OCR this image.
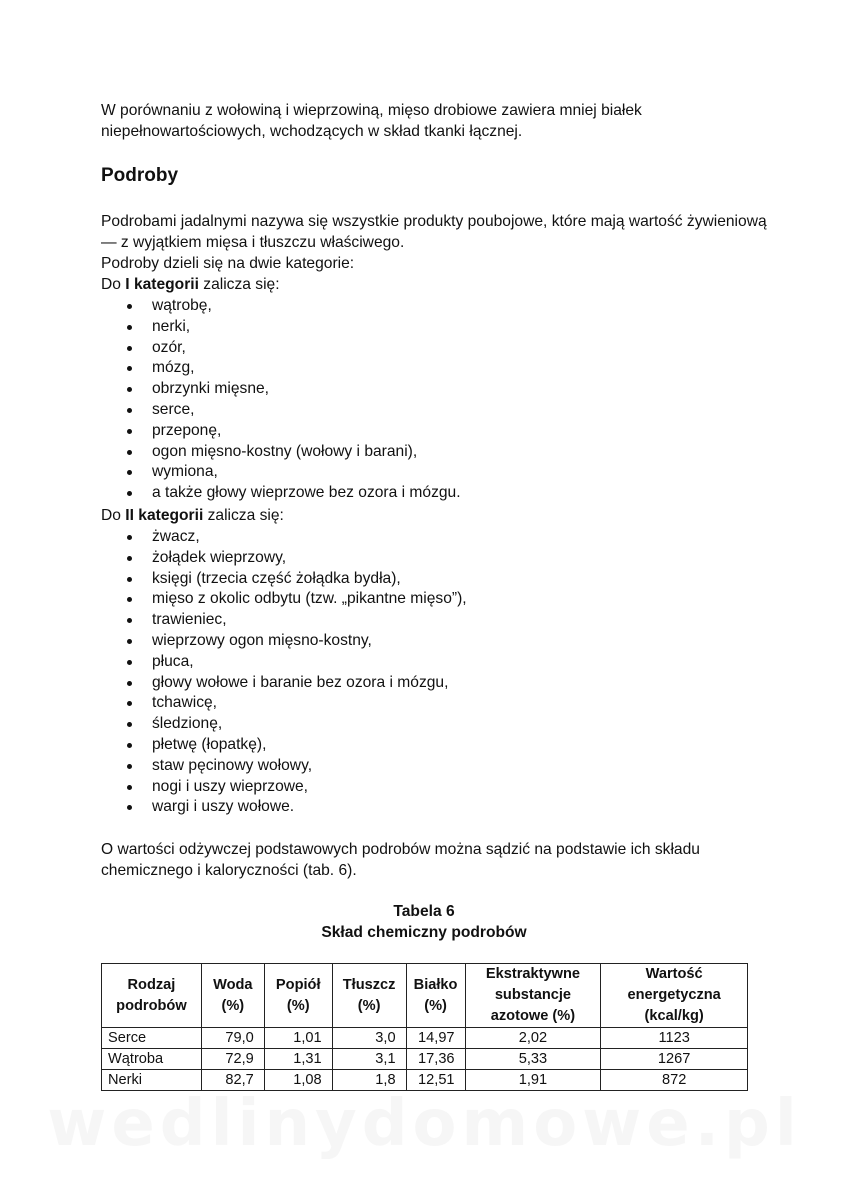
W porównaniu z wołowiną i wieprzowiną, mięso drobiowe zawiera mniej białek niepełnowartościowych, wchodzących w skład tkanki łącznej.

Podroby

Podrobami jadalnymi nazywa się wszystkie produkty poubojowe, które mają wartość żywieniową — z wyjątkiem mięsa i tłuszczu właściwego.

Podroby dzieli się na dwie kategorie:

Do I kategorii zalicza się:

wątrobę,
nerki,
ozór,
mózg,
obrzynki mięsne,
serce,
przeponę,
ogon mięsno-kostny (wołowy i barani),
wymiona,
a także głowy wieprzowe bez ozora i mózgu.

Do II kategorii zalicza się:

żwacz,
żołądek wieprzowy,
księgi (trzecia część żołądka bydła),
mięso z okolic odbytu (tzw. „pikantne mięso”),
trawieniec,
wieprzowy ogon mięsno-kostny,
płuca,
głowy wołowe i baranie bez ozora i mózgu,
tchawicę,
śledzionę,
płetwę (łopatkę),
staw pęcinowy wołowy,
nogi i uszy wieprzowe,
wargi i uszy wołowe.

O wartości odżywczej podstawowych podrobów można sądzić na podstawie ich składu chemicznego i kaloryczności (tab. 6).

Tabela 6

Skład chemiczny podrobów

Rodzaj podrobów	Woda (%)	Popiół (%)	Tłuszcz (%)	Białko (%)	Ekstraktywne substancje azotowe (%)	Wartość energetyczna (kcal/kg)
Serce	79,0	1,01	3,0	14,97	2,02	1123
Wątroba	72,9	1,31	3,1	17,36	5,33	1267
Nerki	82,7	1,08	1,8	12,51	1,91	872

wedlinydomowe.pl
